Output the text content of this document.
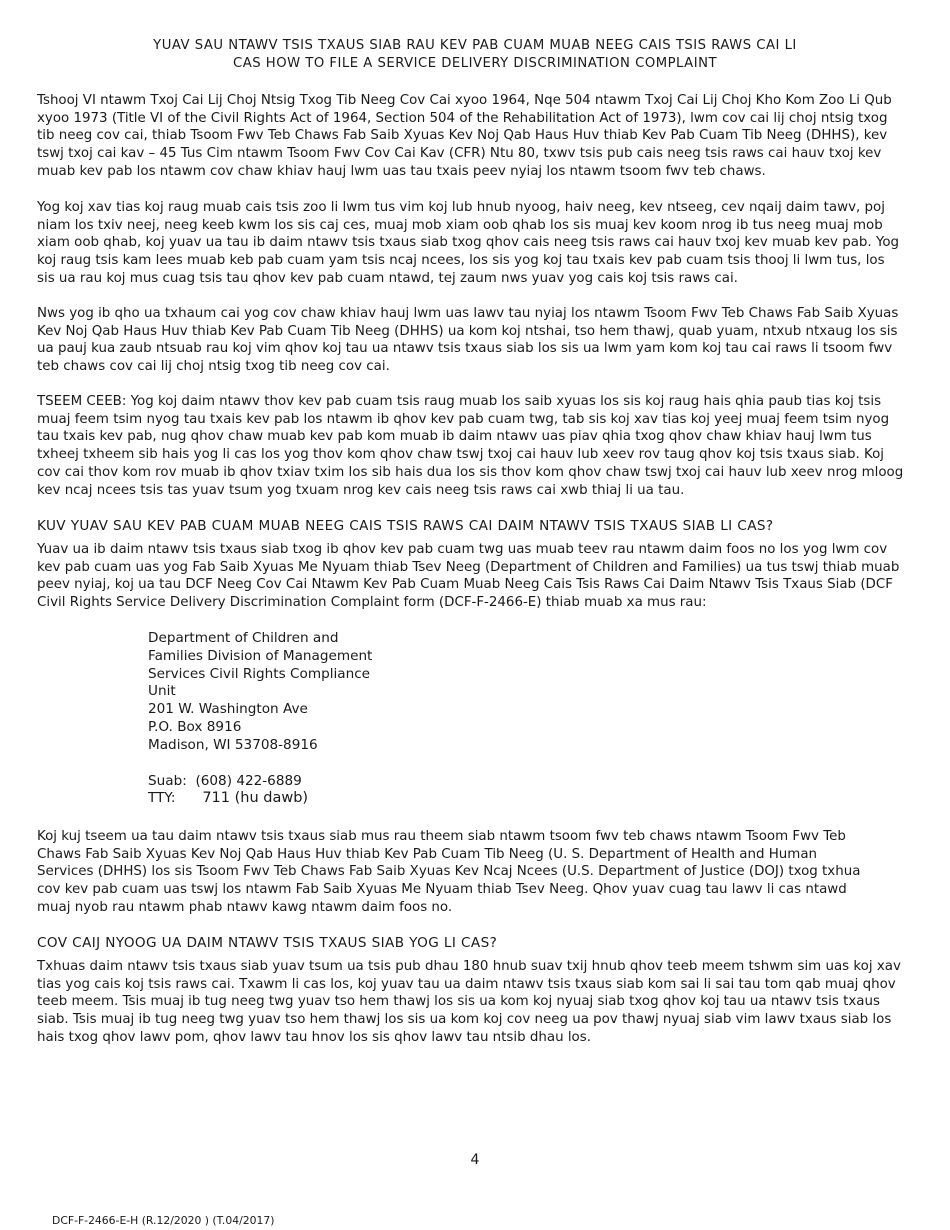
YUAV SAU NTAWV TSIS TXAUS SIAB RAU KEV PAB CUAM MUAB NEEG CAIS TSIS RAWS CAI LI
CAS HOW TO FILE A SERVICE DELIVERY DISCRIMINATION COMPLAINT

Tshooj VI ntawm Txoj Cai Lij Choj Ntsig Txog Tib Neeg Cov Cai xyoo 1964, Nqe 504 ntawm Txoj Cai Lij Choj Kho Kom Zoo Li Qub xyoo 1973 (Title VI of the Civil Rights Act of 1964, Section 504 of the Rehabilitation Act of 1973), lwm cov cai lij choj ntsig txog tib neeg cov cai, thiab Tsoom Fwv Teb Chaws Fab Saib Xyuas Kev Noj Qab Haus Huv thiab Kev Pab Cuam Tib Neeg (DHHS), kev tswj txoj cai kav – 45 Tus Cim ntawm Tsoom Fwv Cov Cai Kav (CFR) Ntu 80, txwv tsis pub cais neeg tsis raws cai hauv txoj kev muab kev pab los ntawm cov chaw khiav hauj lwm uas tau txais peev nyiaj los ntawm tsoom fwv teb chaws.

Yog koj xav tias koj raug muab cais tsis zoo li lwm tus vim koj lub hnub nyoog, haiv neeg, kev ntseeg, cev nqaij daim tawv, poj niam los txiv neej, neeg keeb kwm los sis caj ces, muaj mob xiam oob qhab los sis muaj kev koom nrog ib tus neeg muaj mob xiam oob qhab, koj yuav ua tau ib daim ntawv tsis txaus siab txog qhov cais neeg tsis raws cai hauv txoj kev muab kev pab. Yog koj raug tsis kam lees muab keb pab cuam yam tsis ncaj ncees, los sis yog koj tau txais kev pab cuam tsis thooj li lwm tus, los sis ua rau koj mus cuag tsis tau qhov kev pab cuam ntawd, tej zaum nws yuav yog cais koj tsis raws cai.

Nws yog ib qho ua txhaum cai yog cov chaw khiav hauj lwm uas lawv tau nyiaj los ntawm Tsoom Fwv Teb Chaws Fab Saib Xyuas Kev Noj Qab Haus Huv thiab Kev Pab Cuam Tib Neeg (DHHS) ua kom koj ntshai, tso hem thawj, quab yuam, ntxub ntxaug los sis ua pauj kua zaub ntsuab rau koj vim qhov koj tau ua ntawv tsis txaus siab los sis ua lwm yam kom koj tau cai raws li tsoom fwv teb chaws cov cai lij choj ntsig txog tib neeg cov cai.

TSEEM CEEB: Yog koj daim ntawv thov kev pab cuam tsis raug muab los saib xyuas los sis koj raug hais qhia paub tias koj tsis muaj feem tsim nyog tau txais kev pab los ntawm ib qhov kev pab cuam twg, tab sis koj xav tias koj yeej muaj feem tsim nyog tau txais kev pab, nug qhov chaw muab kev pab kom muab ib daim ntawv uas piav qhia txog qhov chaw khiav hauj lwm tus txheej txheem sib hais yog li cas los yog thov kom qhov chaw tswj txoj cai hauv lub xeev rov taug qhov koj tsis txaus siab. Koj cov cai thov kom rov muab ib qhov txiav txim los sib hais dua los sis thov kom qhov chaw tswj txoj cai hauv lub xeev nrog mloog kev ncaj ncees tsis tas yuav tsum yog txuam nrog kev cais neeg tsis raws cai xwb thiaj li ua tau.

KUV YUAV SAU KEV PAB CUAM MUAB NEEG CAIS TSIS RAWS CAI DAIM NTAWV TSIS TXAUS SIAB LI CAS?

Yuav ua ib daim ntawv tsis txaus siab txog ib qhov kev pab cuam twg uas muab teev rau ntawm daim foos no los yog lwm cov kev pab cuam uas yog Fab Saib Xyuas Me Nyuam thiab Tsev Neeg (Department of Children and Families) ua tus tswj thiab muab peev nyiaj, koj ua tau DCF Neeg Cov Cai Ntawm Kev Pab Cuam Muab Neeg Cais Tsis Raws Cai Daim Ntawv Tsis Txaus Siab (DCF Civil Rights Service Delivery Discrimination Complaint form (DCF-F-2466-E) thiab muab xa mus rau:

Department of Children and
Families Division of Management
Services Civil Rights Compliance
Unit
201 W. Washington Ave
P.O. Box 8916
Madison, WI 53708-8916
Suab: (608) 422-6889
TTY: 711 (hu dawb)

Koj kuj tseem ua tau daim ntawv tsis txaus siab mus rau theem siab ntawm tsoom fwv teb chaws ntawm Tsoom Fwv Teb Chaws Fab Saib Xyuas Kev Noj Qab Haus Huv thiab Kev Pab Cuam Tib Neeg (U. S. Department of Health and Human Services (DHHS) los sis Tsoom Fwv Teb Chaws Fab Saib Xyuas Kev Ncaj Ncees (U.S. Department of Justice (DOJ) txog txhua cov kev pab cuam uas tswj los ntawm Fab Saib Xyuas Me Nyuam thiab Tsev Neeg. Qhov yuav cuag tau lawv li cas ntawd muaj nyob rau ntawm phab ntawv kawg ntawm daim foos no.

COV CAIJ NYOOG UA DAIM NTAWV TSIS TXAUS SIAB YOG LI CAS?

Txhuas daim ntawv tsis txaus siab yuav tsum ua tsis pub dhau 180 hnub suav txij hnub qhov teeb meem tshwm sim uas koj xav tias yog cais koj tsis raws cai. Txawm li cas los, koj yuav tau ua daim ntawv tsis txaus siab kom sai li sai tau tom qab muaj qhov teeb meem. Tsis muaj ib tug neeg twg yuav tso hem thawj los sis ua kom koj nyuaj siab txog qhov koj tau ua ntawv tsis txaus siab. Tsis muaj ib tug neeg twg yuav tso hem thawj los sis ua kom koj cov neeg ua pov thawj nyuaj siab vim lawv txaus siab los hais txog qhov lawv pom, qhov lawv tau hnov los sis qhov lawv tau ntsib dhau los.

4
DCF-F-2466-E-H (R.12/2020 ) (T.04/2017)
